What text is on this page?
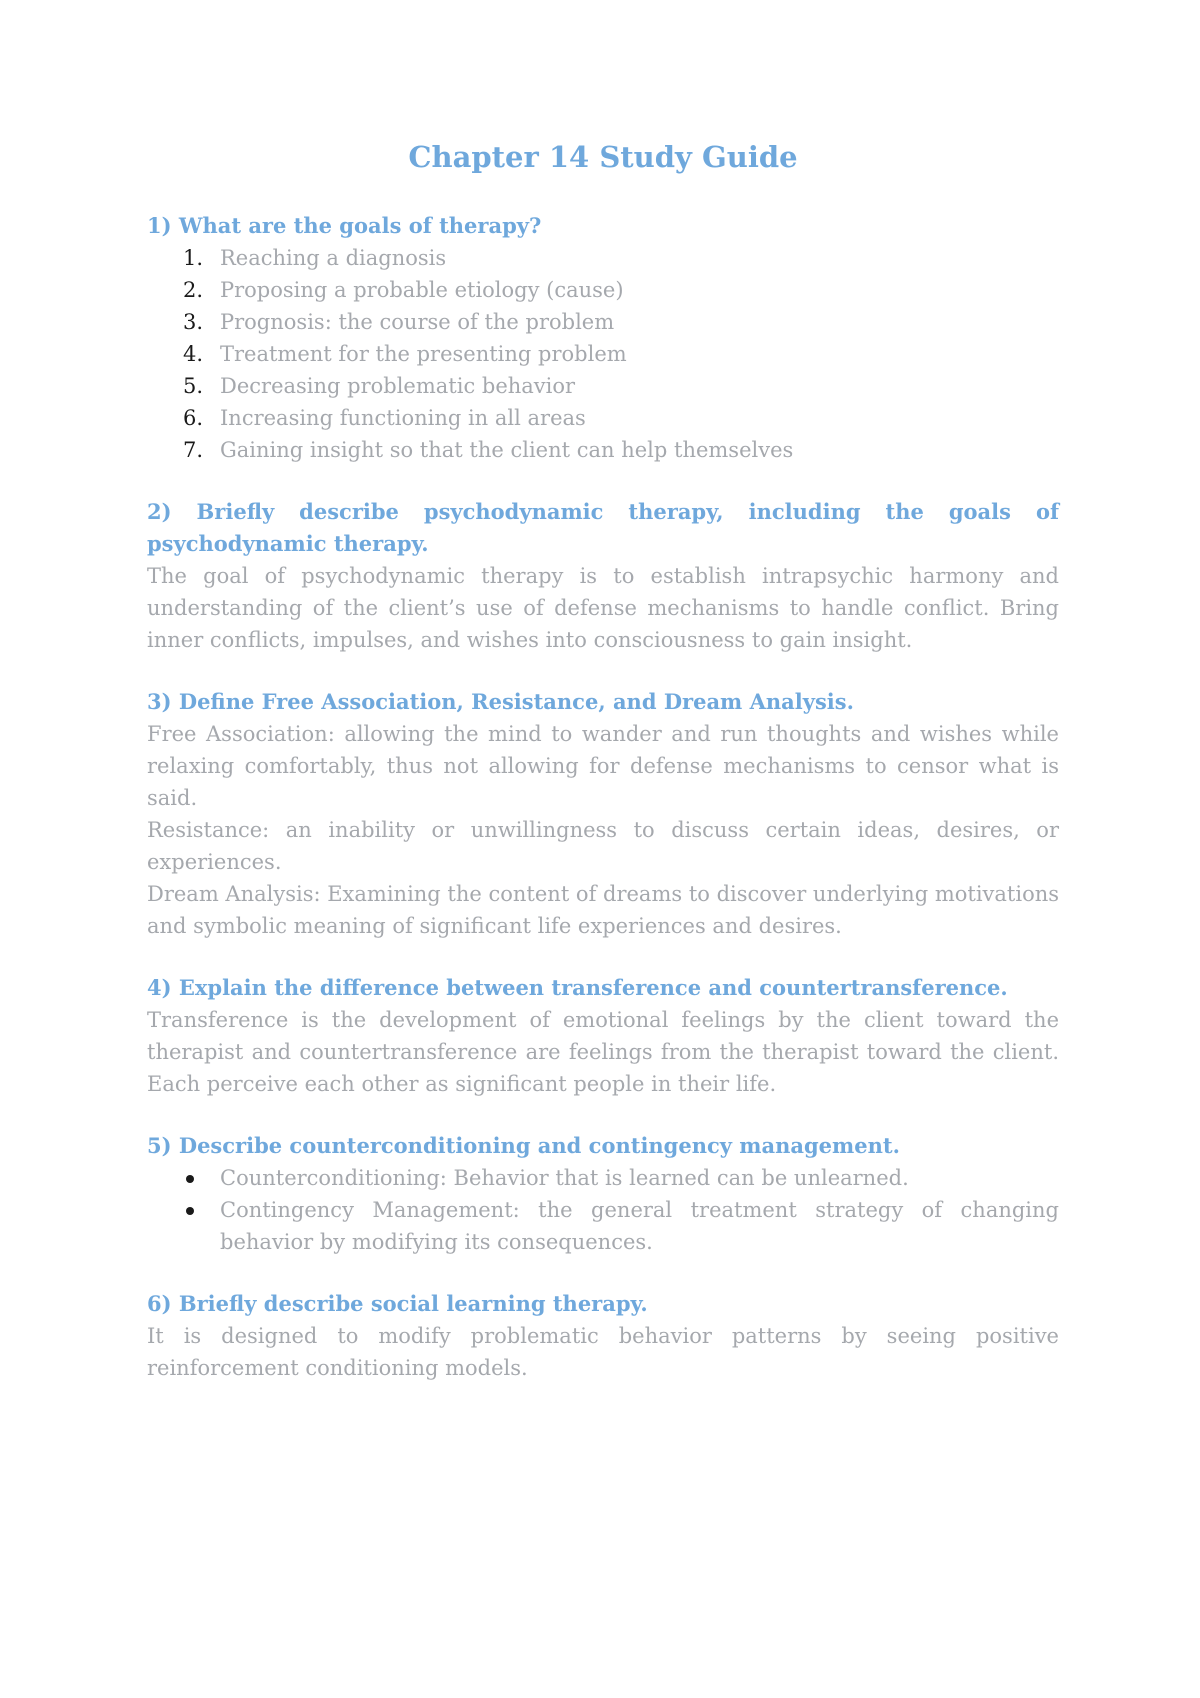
Chapter 14 Study Guide

1) What are the goals of therapy?

1. Reaching a diagnosis
2. Proposing a probable etiology (cause)
3. Prognosis: the course of the problem
4. Treatment for the presenting problem
5. Decreasing problematic behavior
6. Increasing functioning in all areas
7. Gaining insight so that the client can help themselves

2) Briefly describe psychodynamic therapy, including the goals of psychodynamic therapy.

The goal of psychodynamic therapy is to establish intrapsychic harmony and understanding of the client’s use of defense mechanisms to handle conflict. Bring inner conflicts, impulses, and wishes into consciousness to gain insight.

3) Define Free Association, Resistance, and Dream Analysis.

Free Association: allowing the mind to wander and run thoughts and wishes while relaxing comfortably, thus not allowing for defense mechanisms to censor what is said.

Resistance: an inability or unwillingness to discuss certain ideas, desires, or experiences.

Dream Analysis: Examining the content of dreams to discover underlying motivations and symbolic meaning of significant life experiences and desires.

4) Explain the difference between transference and countertransference.

Transference is the development of emotional feelings by the client toward the therapist and countertransference are feelings from the therapist toward the client. Each perceive each other as significant people in their life.

5) Describe counterconditioning and contingency management.

Counterconditioning: Behavior that is learned can be unlearned.
Contingency Management: the general treatment strategy of changing behavior by modifying its consequences.

6) Briefly describe social learning therapy.

It is designed to modify problematic behavior patterns by seeing positive reinforcement conditioning models.
